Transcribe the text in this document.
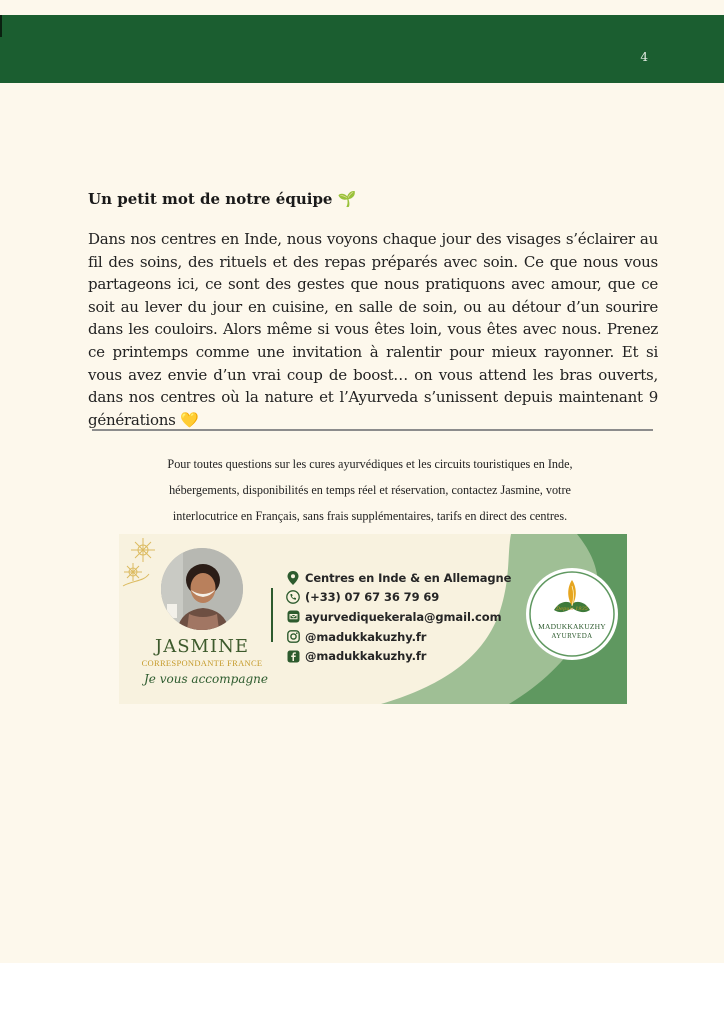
4
Un petit mot de notre équipe 🌱
Dans nos centres en Inde, nous voyons chaque jour des visages s’éclairer au fil des soins, des rituels et des repas préparés avec soin. Ce que nous vous partageons ici, ce sont des gestes que nous pratiquons avec amour, que ce soit au lever du jour en cuisine, en salle de soin, ou au détour d’un sourire dans les couloirs. Alors même si vous êtes loin, vous êtes avec nous. Prenez ce printemps comme une invitation à ralentir pour mieux rayonner. Et si vous avez envie d’un vrai coup de boost… on vous attend les bras ouverts, dans nos centres où la nature et l’Ayurveda s’unissent depuis maintenant 9 générations 💛
Pour toutes questions sur les cures ayurvédiques et les circuits touristiques en Inde,
hébergements, disponibilités en temps réel et réservation, contactez Jasmine, votre
interlocutrice en Français, sans frais supplémentaires, tarifs en direct des centres.
JASMINE
CORRESPONDANTE FRANCE
Je vous accompagne
Centres en Inde & en Allemagne
(+33) 07 67 36 79 69
ayurvediquekerala@gmail.com
@madukkakuzhy.fr
@madukkakuzhy.fr
Depuis 1935
MADUKKAKUZHY
AYURVEDA
